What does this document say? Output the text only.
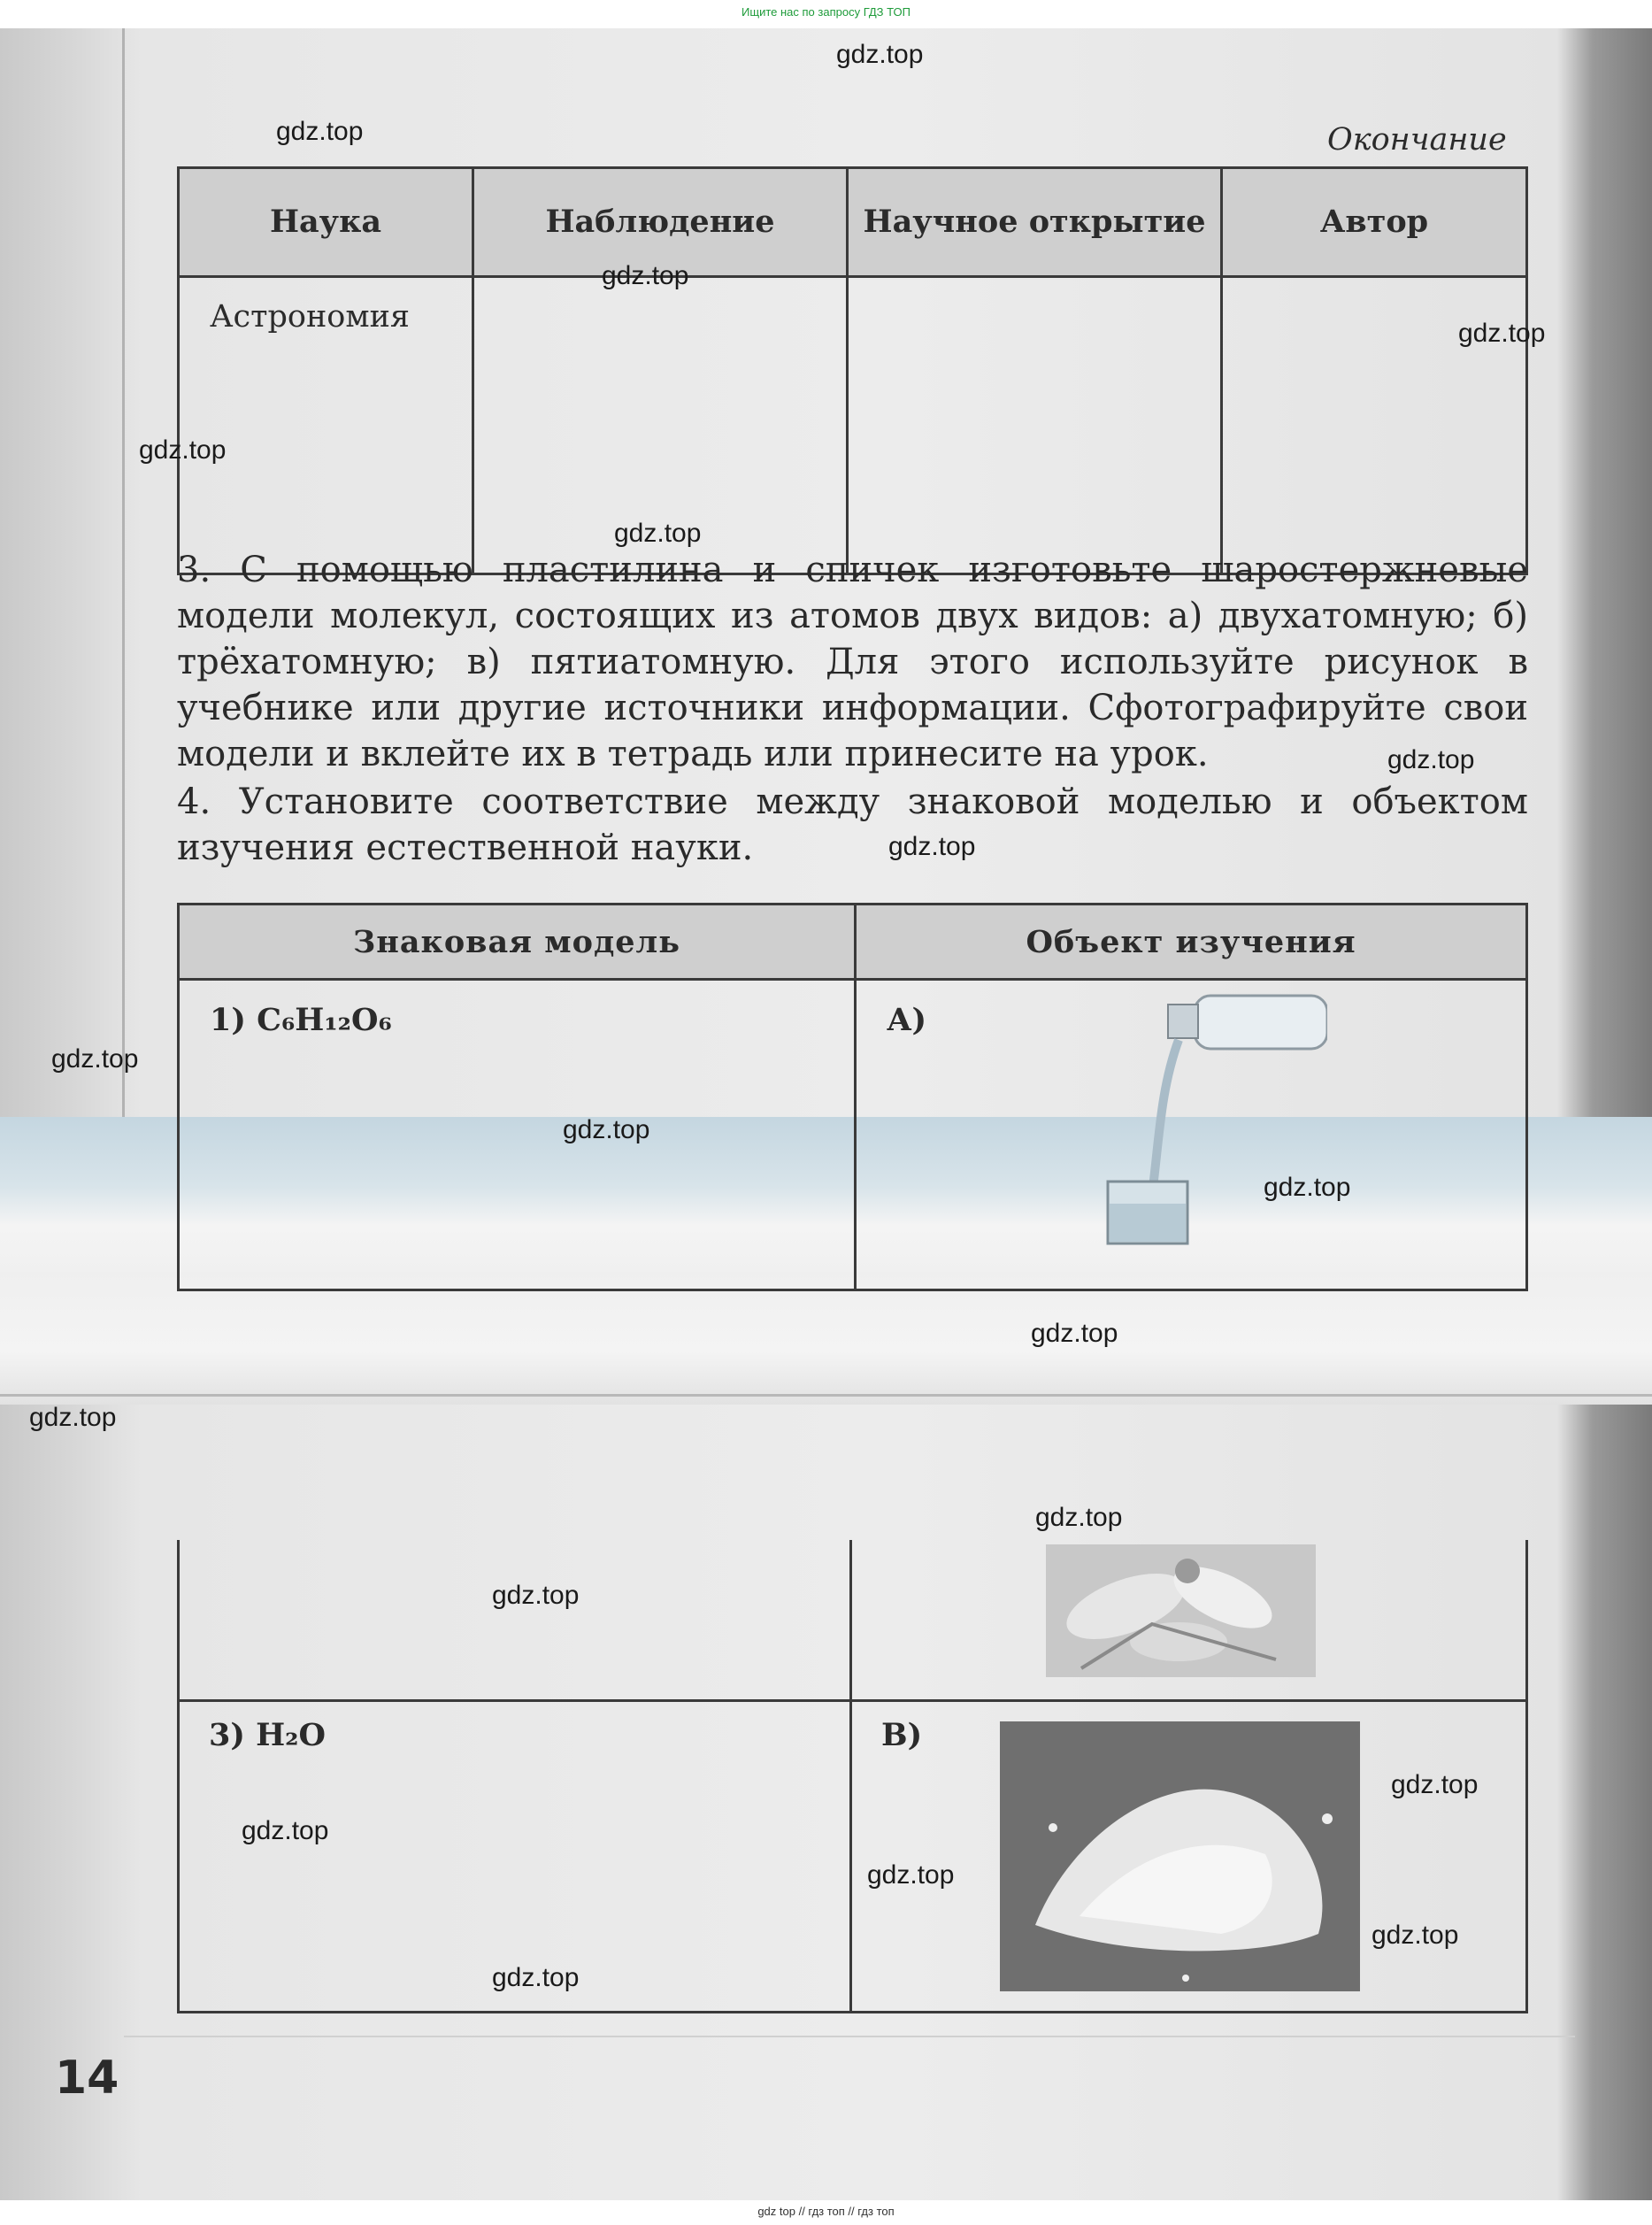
Ищите нас по запросу ГДЗ ТОП
Окончание
Наука	Наблюдение	Научное открытие	Автор
Астрономия			
3. С помощью пластилина и спичек изготовьте шаростержневые модели молекул, состоящих из атомов двух видов: а) двухатомную; б) трёхатомную; в) пятиатомную. Для этого используйте рисунок в учебнике или другие источники информации. Сфотографируйте свои модели и вклейте их в тетрадь или принесите на урок.
4. Установите соответствие между знаковой моделью и объектом изучения естественной науки.
Знаковая модель	Объект изучения
1) C₆H₁₂O₆	А)
3) H₂O	В)
14
gdz.top
gdz.top
gdz.top
gdz.top
gdz.top
gdz.top
gdz.top
gdz.top
gdz.top
gdz.top
gdz.top
gdz.top
gdz.top
gdz.top
gdz.top
gdz.top
gdz.top
gdz.top
gdz.top
gdz.top
gdz top // гдз топ // гдз топ
